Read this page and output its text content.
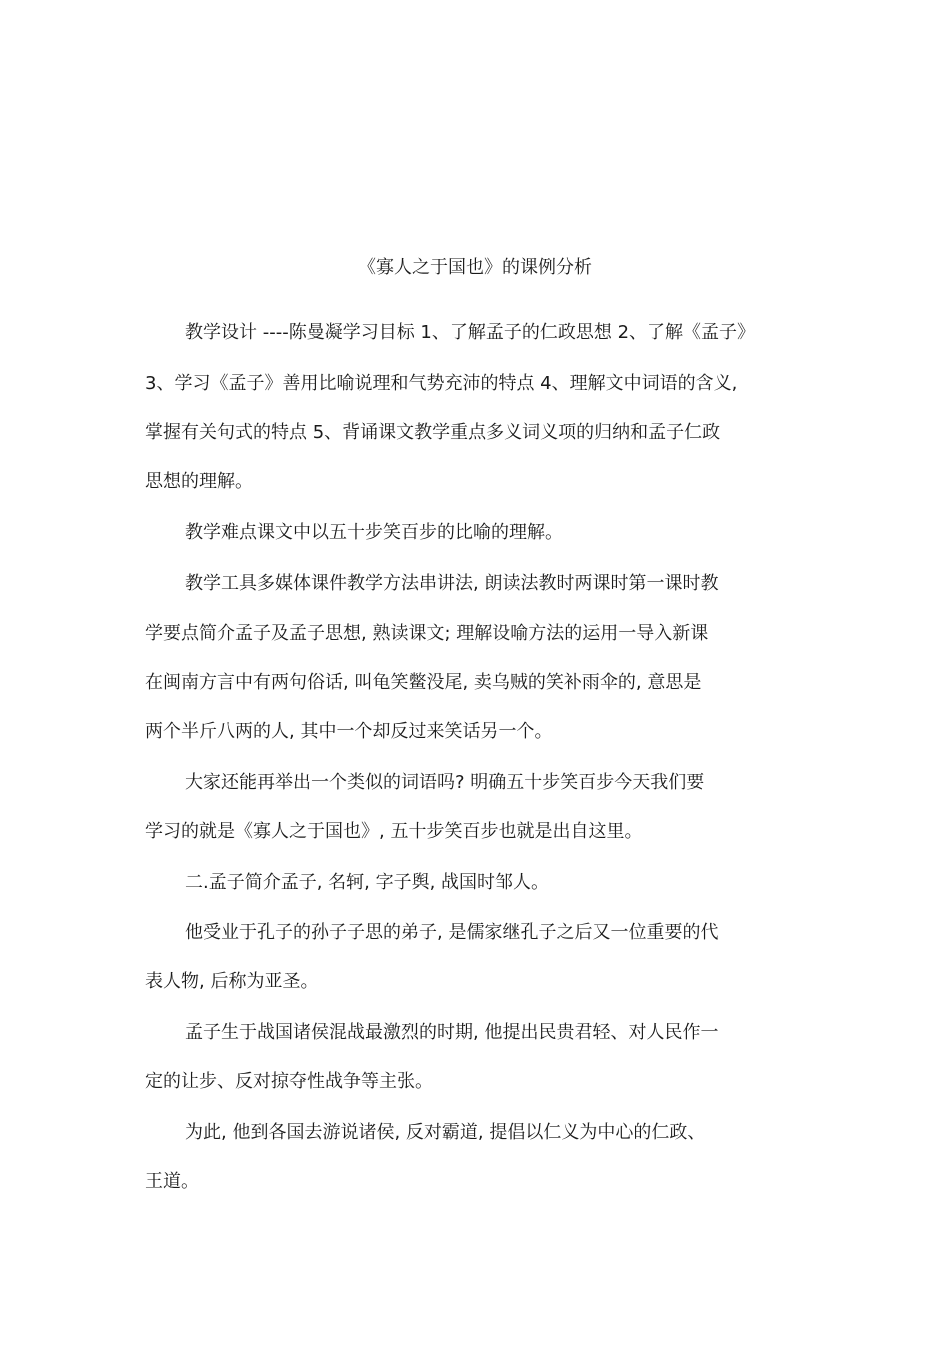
《寡人之于国也》的课例分析
教学设计 ----陈曼凝学习目标 1、了解孟子的仁政思想 2、了解《孟子》
3、学习《孟子》善用比喻说理和气势充沛的特点 4、理解文中词语的含义,
掌握有关句式的特点 5、背诵课文教学重点多义词义项的归纳和孟子仁政
思想的理解。
教学难点课文中以五十步笑百步的比喻的理解。
教学工具多媒体课件教学方法串讲法, 朗读法教时两课时第一课时教
学要点简介孟子及孟子思想, 熟读课文; 理解设喻方法的运用一导入新课
在闽南方言中有两句俗话, 叫龟笑鳖没尾, 卖乌贼的笑补雨伞的, 意思是
两个半斤八两的人, 其中一个却反过来笑话另一个。
大家还能再举出一个类似的词语吗? 明确五十步笑百步今天我们要
学习的就是《寡人之于国也》, 五十步笑百步也就是出自这里。
二.孟子简介孟子, 名轲, 字子舆, 战国时邹人。
他受业于孔子的孙子子思的弟子, 是儒家继孔子之后又一位重要的代
表人物, 后称为亚圣。
孟子生于战国诸侯混战最激烈的时期, 他提出民贵君轻、对人民作一
定的让步、反对掠夺性战争等主张。
为此, 他到各国去游说诸侯, 反对霸道, 提倡以仁义为中心的仁政、
王道。
